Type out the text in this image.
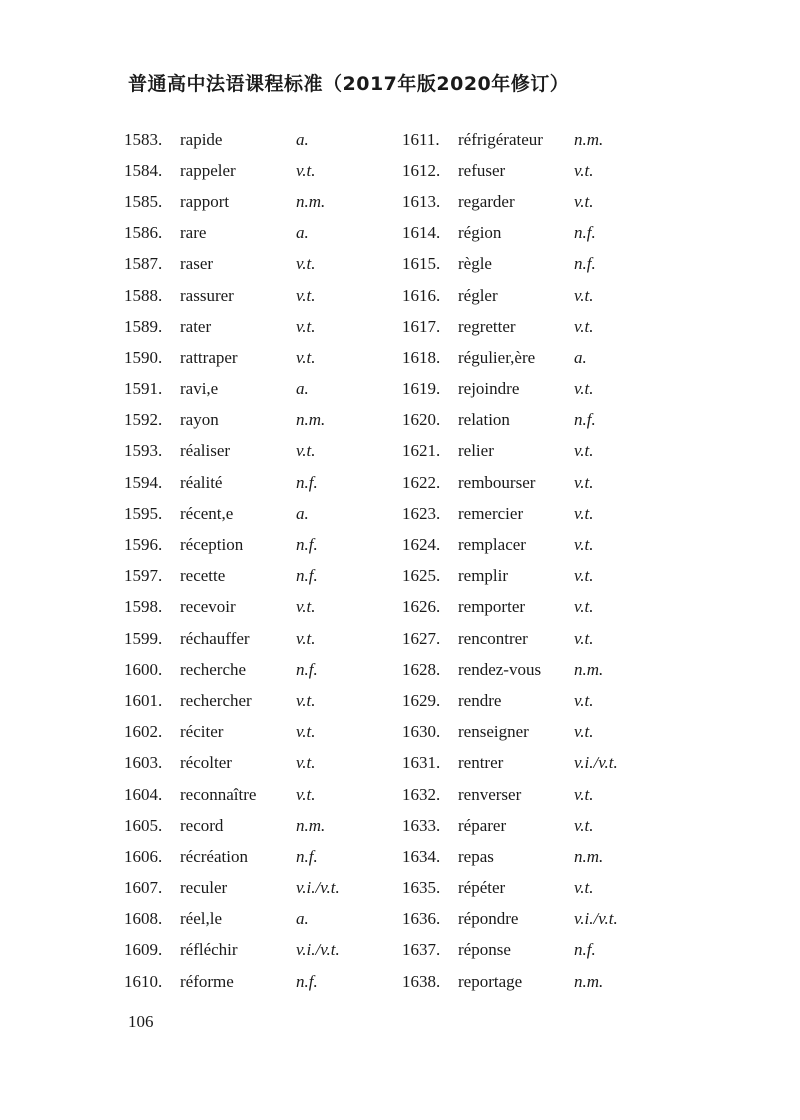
普通高中法语课程标准（2017年版2020年修订）
1583.	rapide	a.
1584.	rappeler	v.t.
1585.	rapport	n.m.
1586.	rare	a.
1587.	raser	v.t.
1588.	rassurer	v.t.
1589.	rater	v.t.
1590.	rattraper	v.t.
1591.	ravi,e	a.
1592.	rayon	n.m.
1593.	réaliser	v.t.
1594.	réalité	n.f.
1595.	récent,e	a.
1596.	réception	n.f.
1597.	recette	n.f.
1598.	recevoir	v.t.
1599.	réchauffer	v.t.
1600.	recherche	n.f.
1601.	rechercher	v.t.
1602.	réciter	v.t.
1603.	récolter	v.t.
1604.	reconnaître	v.t.
1605.	record	n.m.
1606.	récréation	n.f.
1607.	reculer	v.i./v.t.
1608.	réel,le	a.
1609.	réfléchir	v.i./v.t.
1610.	réforme	n.f.
1611.	réfrigérateur	n.m.
1612.	refuser	v.t.
1613.	regarder	v.t.
1614.	région	n.f.
1615.	règle	n.f.
1616.	régler	v.t.
1617.	regretter	v.t.
1618.	régulier,ère	a.
1619.	rejoindre	v.t.
1620.	relation	n.f.
1621.	relier	v.t.
1622.	rembourser	v.t.
1623.	remercier	v.t.
1624.	remplacer	v.t.
1625.	remplir	v.t.
1626.	remporter	v.t.
1627.	rencontrer	v.t.
1628.	rendez-vous	n.m.
1629.	rendre	v.t.
1630.	renseigner	v.t.
1631.	rentrer	v.i./v.t.
1632.	renverser	v.t.
1633.	réparer	v.t.
1634.	repas	n.m.
1635.	répéter	v.t.
1636.	répondre	v.i./v.t.
1637.	réponse	n.f.
1638.	reportage	n.m.
106
